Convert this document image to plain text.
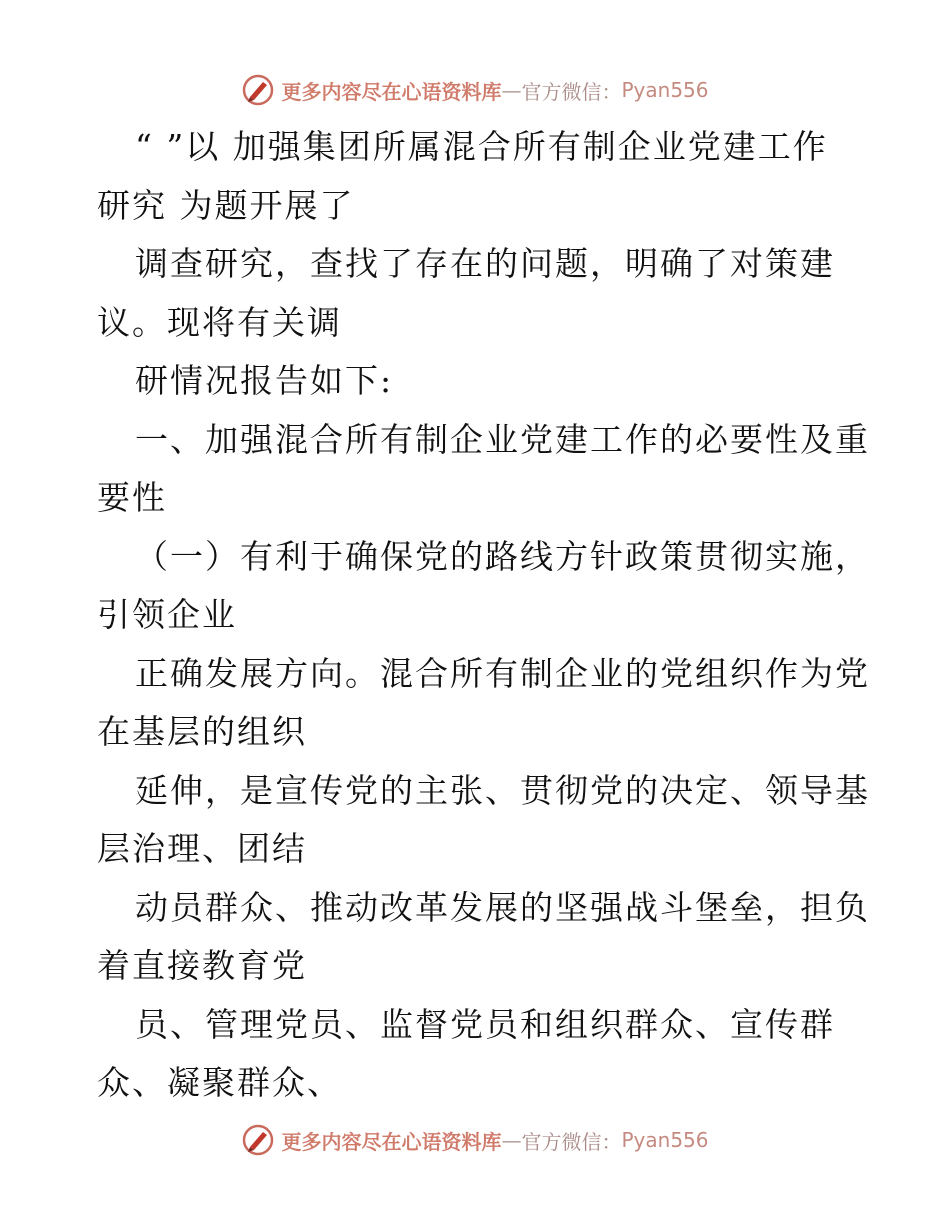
更多内容尽在心语资料库 — 官方微信： Pyan556
“ ”以 加强集团所属混合所有制企业党建工作
研究 为题开展了
调查研究，查找了存在的问题，明确了对策建
议。现将有关调
研情况报告如下:
一、加强混合所有制企业党建工作的必要性及重
要性
（一）有利于确保党的路线方针政策贯彻实施，
引领企业
正确发展方向。混合所有制企业的党组织作为党
在基层的组织
延伸，是宣传党的主张、贯彻党的决定、领导基
层治理、团结
动员群众、推动改革发展的坚强战斗堡垒，担负
着直接教育党
员、管理党员、监督党员和组织群众、宣传群
众、凝聚群众、
更多内容尽在心语资料库 — 官方微信： Pyan556
